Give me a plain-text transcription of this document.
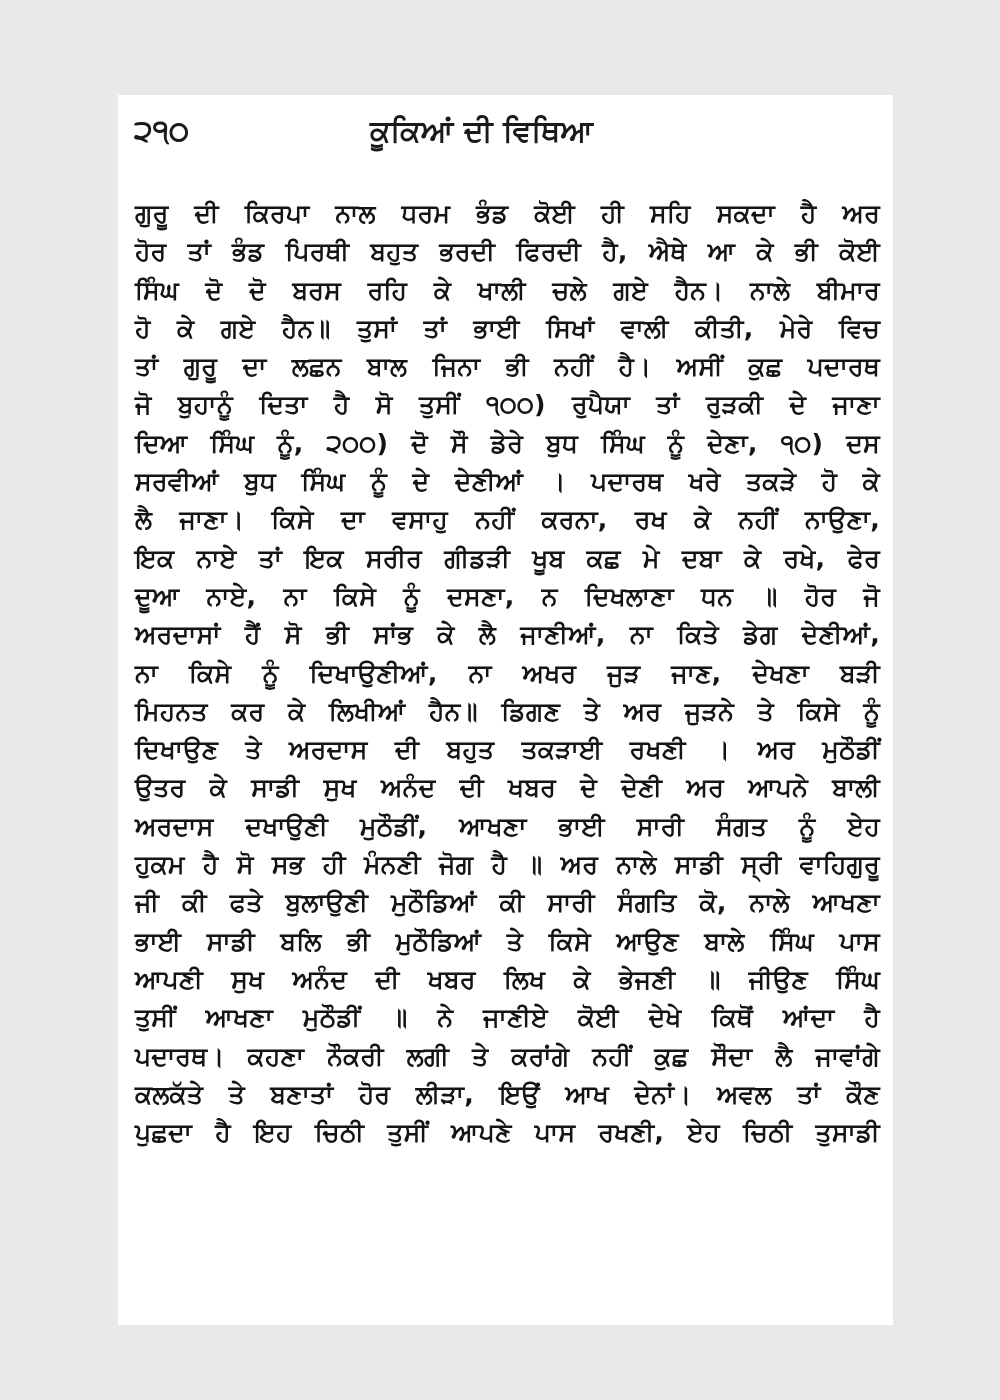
੨੧੦	ਕੂਕਿਆਂ ਦੀ ਵਿਥਿਆ
ਗੁਰੂ ਦੀ ਕਿਰਪਾ ਨਾਲ ਧਰਮ ਭੰਡ ਕੋਈ ਹੀ ਸਹਿ ਸਕਦਾ ਹੈ ਅਰ
ਹੋਰ ਤਾਂ ਭੰਡ ਪਿਰਥੀ ਬਹੁਤ ਭਰਦੀ ਫਿਰਦੀ ਹੈ, ਐਥੇ ਆ ਕੇ ਭੀ ਕੋਈ
ਸਿੰਘ ਦੋ ਦੋ ਬਰਸ ਰਹਿ ਕੇ ਖਾਲੀ ਚਲੇ ਗਏ ਹੈਨ। ਨਾਲੇ ਬੀਮਾਰ
ਹੋ ਕੇ ਗਏ ਹੈਨ॥ ਤੁਸਾਂ ਤਾਂ ਭਾਈ ਸਿਖਾਂ ਵਾਲੀ ਕੀਤੀ, ਮੇਰੇ ਵਿਚ
ਤਾਂ ਗੁਰੂ ਦਾ ਲਛਨ ਬਾਲ ਜਿਨਾ ਭੀ ਨਹੀਂ ਹੈ। ਅਸੀਂ ਕੁਛ ਪਦਾਰਥ
ਜੋ ਬੁਹਾਨੂੰ ਦਿਤਾ ਹੈ ਸੋ ਤੁਸੀਂ ੧੦੦) ਰੁਪੈਯਾ ਤਾਂ ਰੁੜਕੀ ਦੇ ਜਾਣਾ
ਦਿਆ ਸਿੰਘ ਨੂੰ, ੨੦੦) ਦੋ ਸੌ ਡੇਰੇ ਬੁਧ ਸਿੰਘ ਨੂੰ ਦੇਣਾ, ੧੦) ਦਸ
ਸਰਵੀਆਂ ਬੁਧ ਸਿੰਘ ਨੂੰ ਦੇ ਦੇਣੀਆਂ । ਪਦਾਰਥ ਖਰੇ ਤਕੜੇ ਹੋ ਕੇ
ਲੈ ਜਾਣਾ। ਕਿਸੇ ਦਾ ਵਸਾਹੁ ਨਹੀਂ ਕਰਨਾ, ਰਖ ਕੇ ਨਹੀਂ ਨਾਉਣਾ,
ਇਕ ਨਾਏ ਤਾਂ ਇਕ ਸਰੀਰ ਗੀਡੜੀ ਖੂਬ ਕਛ ਮੇ ਦਬਾ ਕੇ ਰਖੇ, ਫੇਰ
ਦੂਆ ਨਾਏ, ਨਾ ਕਿਸੇ ਨੂੰ ਦਸਣਾ, ਨ ਦਿਖਲਾਣਾ ਧਨ ॥ ਹੋਰ ਜੋ
ਅਰਦਾਸਾਂ ਹੈਂ ਸੋ ਭੀ ਸਾਂਭ ਕੇ ਲੈ ਜਾਣੀਆਂ, ਨਾ ਕਿਤੇ ਡੇਗ ਦੇਣੀਆਂ,
ਨਾ ਕਿਸੇ ਨੂੰ ਦਿਖਾਉਣੀਆਂ, ਨਾ ਅਖਰ ਜੁੜ ਜਾਣ, ਦੇਖਣਾ ਬੜੀ
ਮਿਹਨਤ ਕਰ ਕੇ ਲਿਖੀਆਂ ਹੈਨ॥ ਡਿਗਣ ਤੇ ਅਰ ਜੁੜਨੇ ਤੇ ਕਿਸੇ ਨੂੰ
ਦਿਖਾਉਣ ਤੇ ਅਰਦਾਸ ਦੀ ਬਹੁਤ ਤਕੜਾਈ ਰਖਣੀ । ਅਰ ਮੁਠੌਡੀਂ
ਉਤਰ ਕੇ ਸਾਡੀ ਸੁਖ ਅਨੰਦ ਦੀ ਖਬਰ ਦੇ ਦੇਣੀ ਅਰ ਆਪਨੇ ਬਾਲੀ
ਅਰਦਾਸ ਦਖਾਉਣੀ ਮੁਠੌਡੀਂ, ਆਖਣਾ ਭਾਈ ਸਾਰੀ ਸੰਗਤ ਨੂੰ ਏਹ
ਹੁਕਮ ਹੈ ਸੋ ਸਭ ਹੀ ਮੰਨਣੀ ਜੋਗ ਹੈ ॥ ਅਰ ਨਾਲੇ ਸਾਡੀ ਸ੍ਰੀ ਵਾਹਿਗੁਰੂ
ਜੀ ਕੀ ਫਤੇ ਬੁਲਾਉਣੀ ਮੁਠੌਡਿਆਂ ਕੀ ਸਾਰੀ ਸੰਗਤਿ ਕੋ, ਨਾਲੇ ਆਖਣਾ
ਭਾਈ ਸਾਡੀ ਬਲਿ ਭੀ ਮੁਠੌਡਿਆਂ ਤੇ ਕਿਸੇ ਆਉਣ ਬਾਲੇ ਸਿੰਘ ਪਾਸ
ਆਪਣੀ ਸੁਖ ਅਨੰਦ ਦੀ ਖਬਰ ਲਿਖ ਕੇ ਭੇਜਣੀ ॥ ਜੀਉਣ ਸਿੰਘ
ਤੁਸੀਂ ਆਖਣਾ ਮੁਠੌਡੀਂ ॥ ਨੇ ਜਾਣੀਏ ਕੋਈ ਦੇਖੇ ਕਿਥੋਂ ਆਂਦਾ ਹੈ
ਪਦਾਰਥ। ਕਹਣਾ ਨੌਕਰੀ ਲਗੀ ਤੇ ਕਰਾਂਗੇ ਨਹੀਂ ਕੁਛ ਸੌਦਾ ਲੈ ਜਾਵਾਂਗੇ
ਕਲਕੱਤੇ ਤੇ ਬਣਾਤਾਂ ਹੋਰ ਲੀੜਾ, ਇਉਂ ਆਖ ਦੇਨਾਂ। ਅਵਲ ਤਾਂ ਕੌਣ
ਪੁਛਦਾ ਹੈ ਇਹ ਚਿਠੀ ਤੁਸੀਂ ਆਪਣੇ ਪਾਸ ਰਖਣੀ, ਏਹ ਚਿਠੀ ਤੁਸਾਡੀ
